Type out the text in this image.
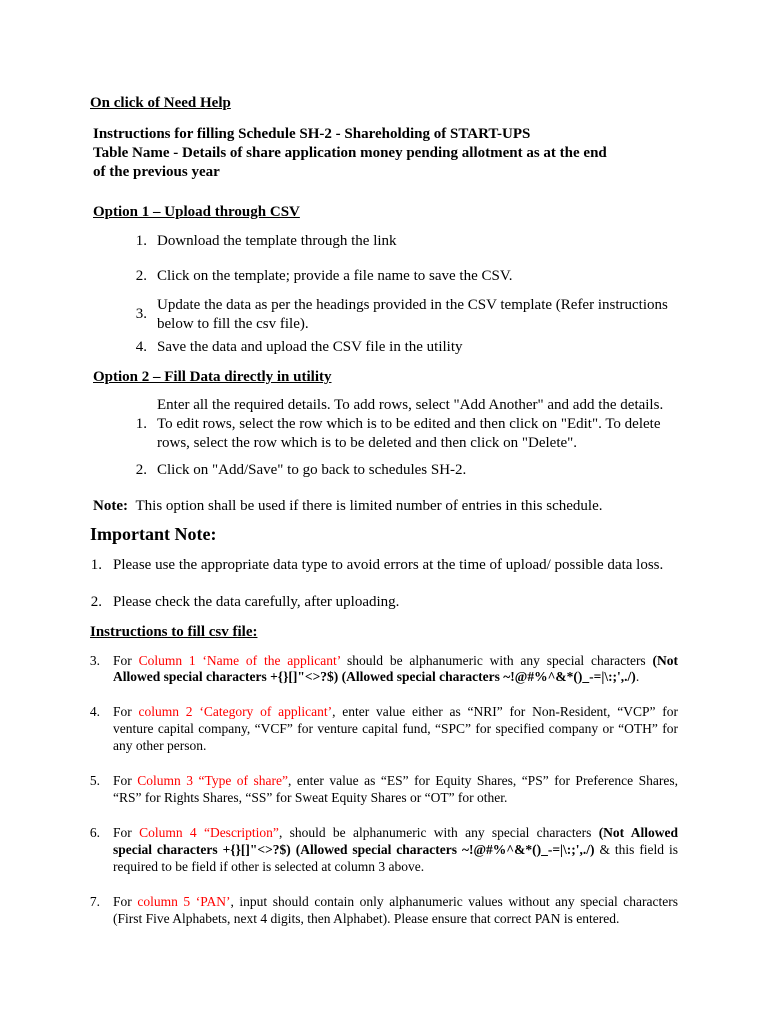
On click of Need Help
Instructions for filling Schedule SH-2 - Shareholding of START-UPS
Table Name - Details of share application money pending allotment as at the end
of the previous year
Option 1 – Upload through CSV
1. Download the template through the link
2. Click on the template; provide a file name to save the CSV.
3.
Update the data as per the headings provided in the CSV template (Refer instructions
below to fill the csv file).
4. Save the data and upload the CSV file in the utility
Option 2 – Fill Data directly in utility
1.
Enter all the required details. To add rows, select "Add Another" and add the details.
To edit rows, select the row which is to be edited and then click on "Edit". To delete
rows, select the row which is to be deleted and then click on "Delete".
2. Click on "Add/Save" to go back to schedules SH-2.
Note: This option shall be used if there is limited number of entries in this schedule.
Important Note:
1. Please use the appropriate data type to avoid errors at the time of upload/ possible data loss.
2. Please check the data carefully, after uploading.
Instructions to fill csv file:
3. For Column 1 ‘Name of the applicant’ should be alphanumeric with any special characters (Not
Allowed special characters +{}[]"<>?$) (Allowed special characters ~!@#%^&*()_-=|\:;',./).
4. For column 2 ‘Category of applicant’, enter value either as “NRI” for Non-Resident, “VCP” for
venture capital company, “VCF” for venture capital fund, “SPC” for specified company or “OTH” for
any other person.
5. For Column 3 “Type of share”, enter value as “ES” for Equity Shares, “PS” for Preference Shares,
“RS” for Rights Shares, “SS” for Sweat Equity Shares or “OT” for other.
6. For Column 4 “Description”, should be alphanumeric with any special characters (Not Allowed
special characters +{}[]"<>?$) (Allowed special characters ~!@#%^&*()_-=|\:;',./) & this field is
required to be field if other is selected at column 3 above.
7. For column 5 ‘PAN’, input should contain only alphanumeric values without any special characters
(First Five Alphabets, next 4 digits, then Alphabet). Please ensure that correct PAN is entered.
